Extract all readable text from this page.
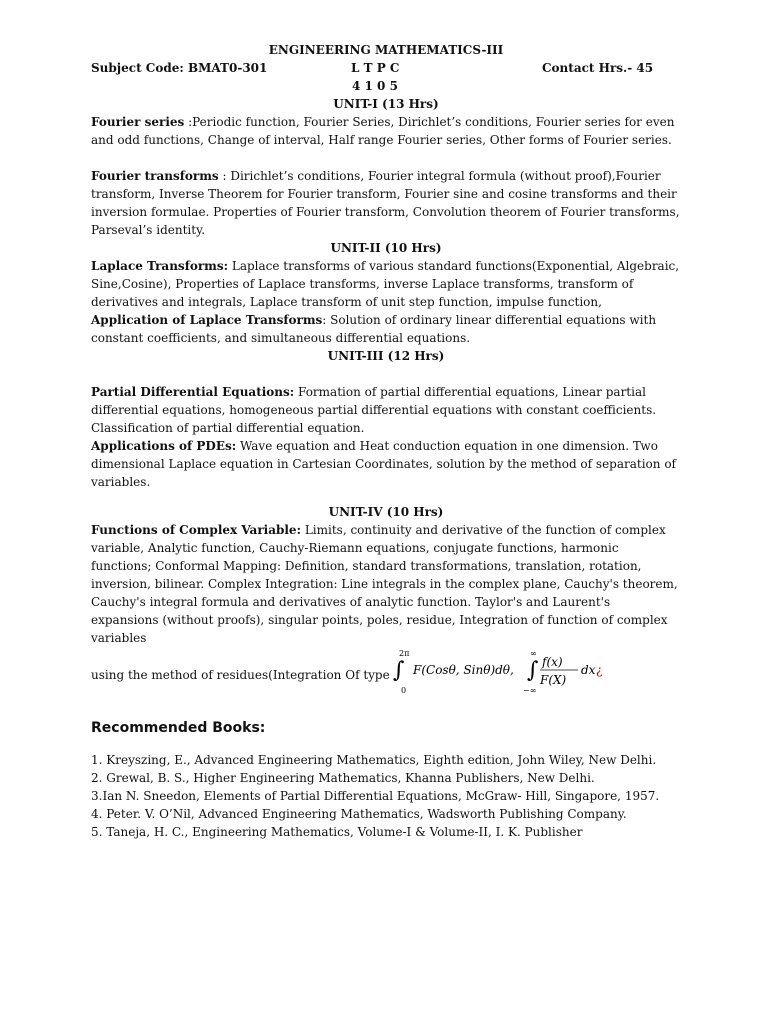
ENGINEERING MATHEMATICS-III
Subject Code: BMAT0-301	L T P C	Contact Hrs.- 45
4 1 0 5
UNIT-I (13 Hrs)

Fourier series :Periodic function, Fourier Series, Dirichlet’s conditions, Fourier series for even and odd functions, Change of interval, Half range Fourier series, Other forms of Fourier series.

Fourier transforms : Dirichlet’s conditions, Fourier integral formula (without proof),Fourier transform, Inverse Theorem for Fourier transform, Fourier sine and cosine transforms and their inversion formulae. Properties of Fourier transform, Convolution theorem of Fourier transforms, Parseval’s identity.

UNIT-II (10 Hrs)

Laplace Transforms: Laplace transforms of various standard functions(Exponential, Algebraic, Sine,Cosine), Properties of Laplace transforms, inverse Laplace transforms, transform of derivatives and integrals, Laplace transform of unit step function, impulse function,

Application of Laplace Transforms: Solution of ordinary linear differential equations with constant coefficients, and simultaneous differential equations.

UNIT-III (12 Hrs)

Partial Differential Equations: Formation of partial differential equations, Linear partial differential equations, homogeneous partial differential equations with constant coefficients. Classification of partial differential equation.

Applications of PDEs: Wave equation and Heat conduction equation in one dimension. Two dimensional Laplace equation in Cartesian Coordinates, solution by the method of separation of variables.

UNIT-IV (10 Hrs)

Functions of Complex Variable: Limits, continuity and derivative of the function of complex variable, Analytic function, Cauchy-Riemann equations, conjugate functions, harmonic functions; Conformal Mapping: Definition, standard transformations, translation, rotation, inversion, bilinear. Complex Integration: Line integrals in the complex plane, Cauchy's theorem, Cauchy's integral formula and derivatives of analytic function. Taylor's and Laurent's expansions (without proofs), singular points, poles, residue, Integration of function of complex variables

using the method of residues(Integration Of type
2π
∫
0
F(Cosθ, Sinθ)dθ,
∞
∫
−∞
f(x)
F(X)
dx ¿
Recommended Books:
1. Kreyszing, E., Advanced Engineering Mathematics, Eighth edition, John Wiley, New Delhi.
2. Grewal, B. S., Higher Engineering Mathematics, Khanna Publishers, New Delhi.
3.Ian N. Sneedon, Elements of Partial Differential Equations, McGraw- Hill, Singapore, 1957.
4. Peter. V. O’Nil, Advanced Engineering Mathematics, Wadsworth Publishing Company.
5. Taneja, H. C., Engineering Mathematics, Volume-I & Volume-II, I. K. Publisher
